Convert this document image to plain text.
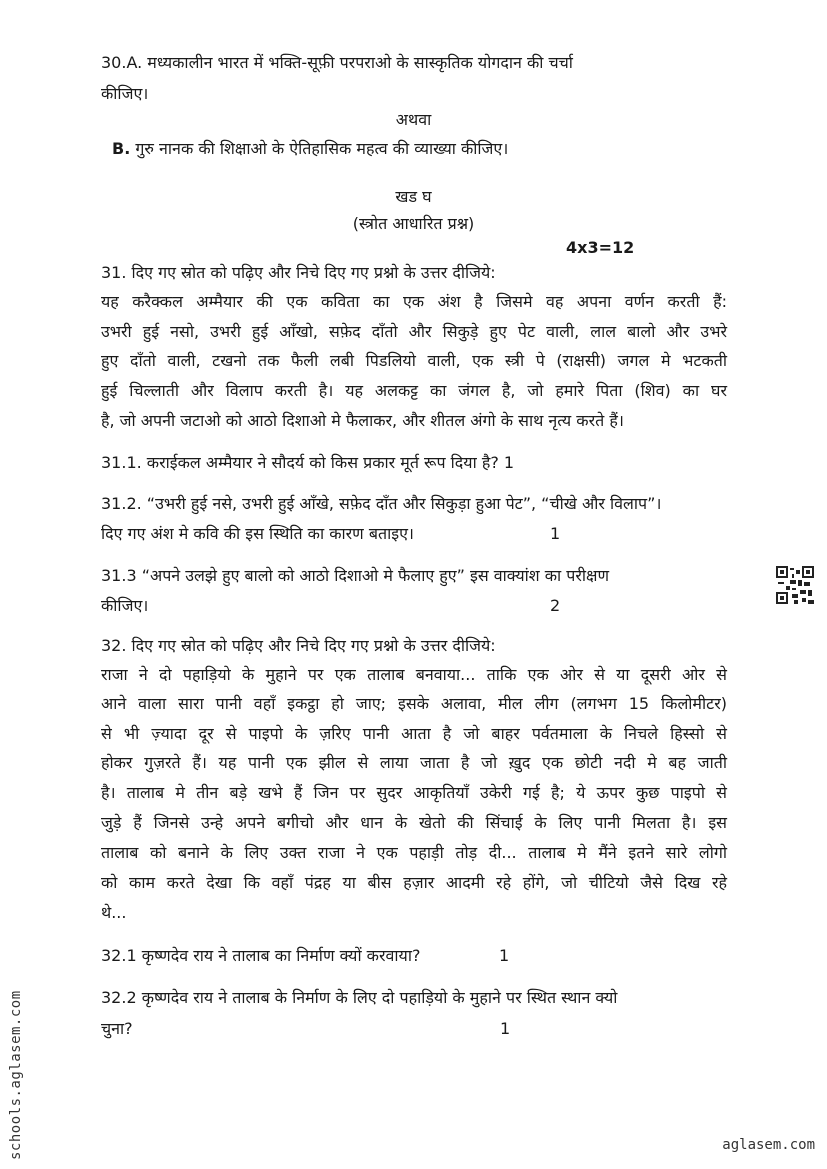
30.A. मध्यकालीन भारत में भक्ति-सूफ़ी परपराओ के सास्कृतिक योगदान की चर्चा
कीजिए।
अथवा
B. गुरु नानक की शिक्षाओ के ऐतिहासिक महत्व की व्याख्या कीजिए।
खड घ
(स्त्रोत आधारित प्रश्न)
4x3=12
31. दिए गए स्रोत को पढ़िए और निचे दिए गए प्रश्नो के उत्तर दीजिये:
यह करैक्कल अम्मैयार की एक कविता का एक अंश है जिसमे वह अपना वर्णन करती हैं:
उभरी हुई नसो, उभरी हुई आँखो, सफ़ेद दाँतो और सिकुड़े हुए पेट वाली, लाल बालो और उभरे
हुए दाँतो वाली, टखनो तक फैली लबी पिडलियो वाली, एक स्त्री पे (राक्षसी) जगल मे भटकती
हुई चिल्लाती और विलाप करती है। यह अलकट्ट का जंगल है, जो हमारे पिता (शिव) का घर
है, जो अपनी जटाओ को आठो दिशाओ मे फैलाकर, और शीतल अंगो के साथ नृत्य करते हैं।
31.1. कराईकल अम्मैयार ने सौदर्य को किस प्रकार मूर्त रूप दिया है? 1
31.2. “उभरी हुई नसे, उभरी हुई आँखे, सफ़ेद दाँत और सिकुड़ा हुआ पेट”, “चीखे और विलाप”।
दिए गए अंश मे कवि की इस स्थिति का कारण बताइए।	1
31.3 “अपने उलझे हुए बालो को आठो दिशाओ मे फैलाए हुए” इस वाक्यांश का परीक्षण
कीजिए।	2
32. दिए गए स्रोत को पढ़िए और निचे दिए गए प्रश्नो के उत्तर दीजिये:
राजा ने दो पहाड़ियो के मुहाने पर एक तालाब बनवाया... ताकि एक ओर से या दूसरी ओर से
आने वाला सारा पानी वहाँ इकट्ठा हो जाए; इसके अलावा, मील लीग (लगभग 15 किलोमीटर)
से भी ज़्यादा दूर से पाइपो के ज़रिए पानी आता है जो बाहर पर्वतमाला के निचले हिस्सो से
होकर गुज़रते हैं। यह पानी एक झील से लाया जाता है जो ख़ुद एक छोटी नदी मे बह जाती
है। तालाब मे तीन बड़े खभे हैं जिन पर सुदर आकृतियाँ उकेरी गई है; ये ऊपर कुछ पाइपो से
जुड़े हैं जिनसे उन्हे अपने बगीचो और धान के खेतो की सिंचाई के लिए पानी मिलता है। इस
तालाब को बनाने के लिए उक्त राजा ने एक पहाड़ी तोड़ दी... तालाब मे मैंने इतने सारे लोगो
को काम करते देखा कि वहाँ पंद्रह या बीस हज़ार आदमी रहे होंगे, जो चीटियो जैसे दिख रहे
थे...
32.1 कृष्णदेव राय ने तालाब का निर्माण क्यों करवाया?	1
32.2 कृष्णदेव राय ने तालाब के निर्माण के लिए दो पहाड़ियो के मुहाने पर स्थित स्थान क्यो
चुना?	1
schools.aglasem.com	aglasem.com
